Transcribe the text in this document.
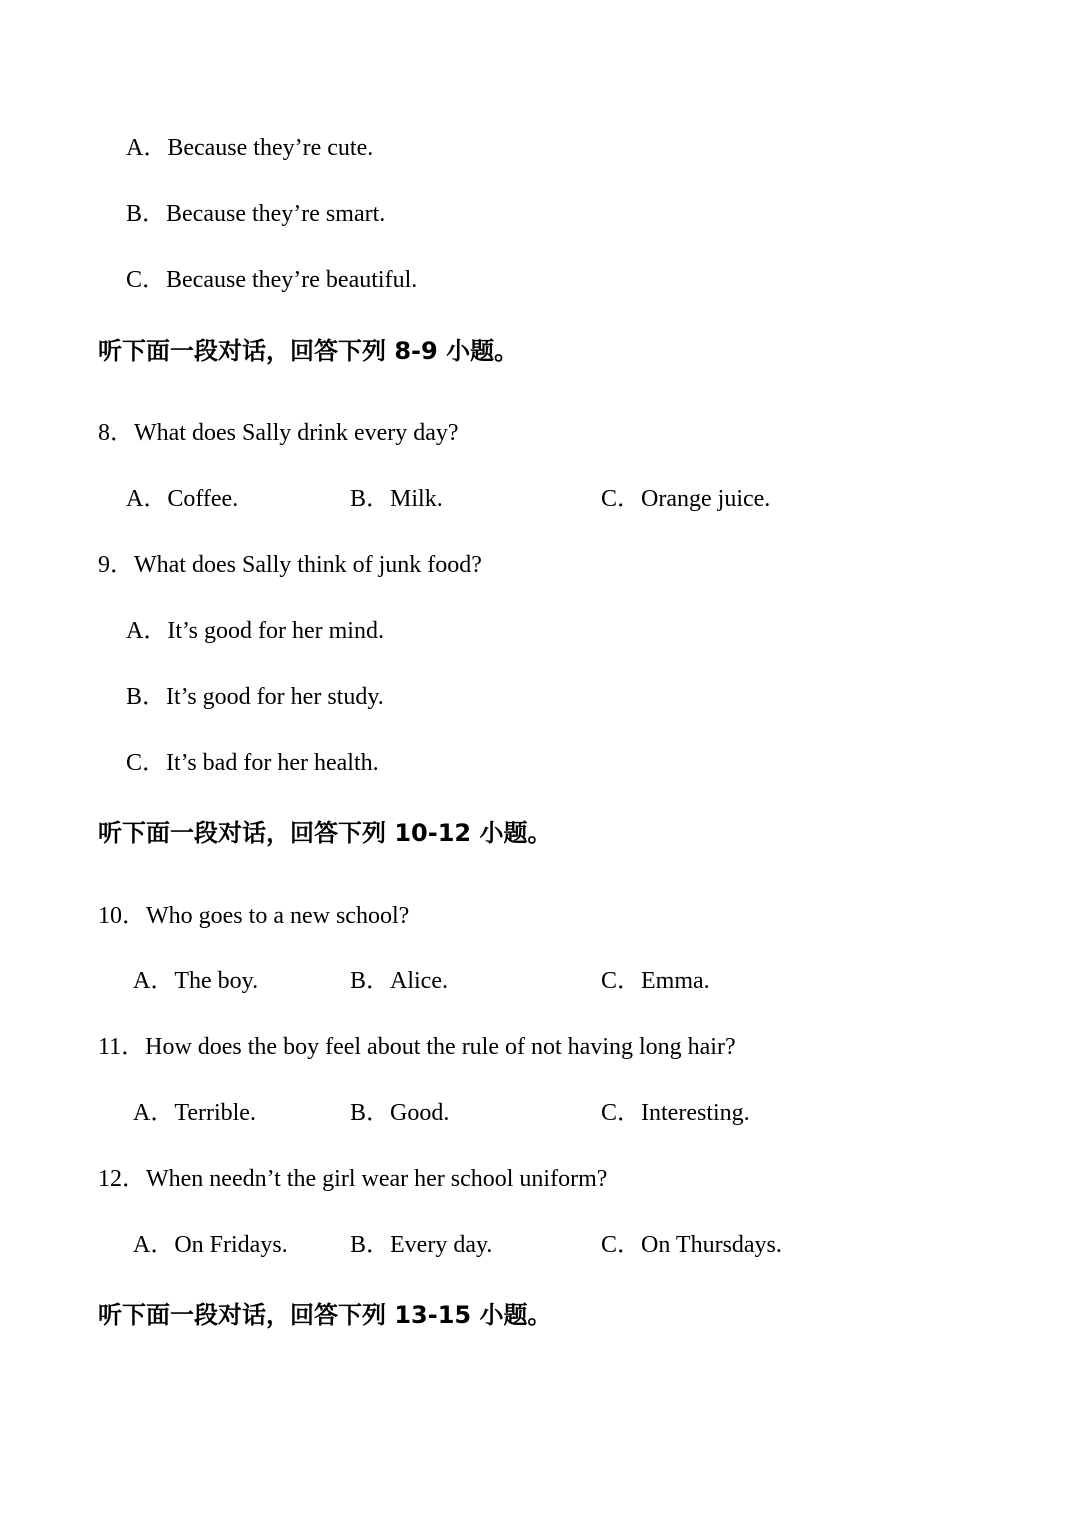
A．Because they’re cute.
B．Because they’re smart.
C．Because they’re beautiful.
听下面一段对话，回答下列 8-9 小题。
8．What does Sally drink every day?
A．Coffee.	B．Milk.	C．Orange juice.
9．What does Sally think of junk food?
A．It’s good for her mind.
B．It’s good for her study.
C．It’s bad for her health.
听下面一段对话，回答下列 10-12 小题。
10．Who goes to a new school?
A．The boy.	B．Alice.	C．Emma.
11．How does the boy feel about the rule of not having long hair?
A．Terrible.	B．Good.	C．Interesting.
12．When needn’t the girl wear her school uniform?
A．On Fridays.	B．Every day.	C．On Thursdays.
听下面一段对话，回答下列 13-15 小题。
